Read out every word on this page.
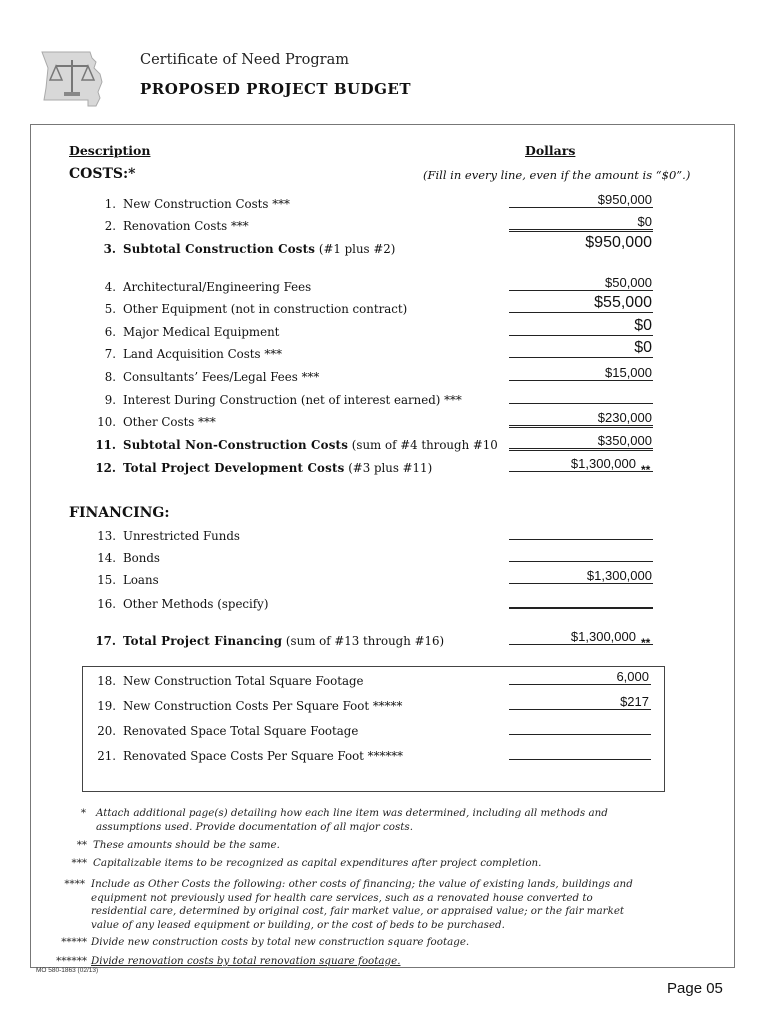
Certificate of Need Program
PROPOSED PROJECT BUDGET
Description	Dollars
COSTS:*	(Fill in every line, even if the amount is “$0”.)
1. New Construction Costs ***	$950,000
2. Renovation Costs ***	$0
3. Subtotal Construction Costs (#1 plus #2)	$950,000
4. Architectural/Engineering Fees	$50,000
5. Other Equipment (not in construction contract)	$55,000
6. Major Medical Equipment	$0
7. Land Acquisition Costs ***	$0
8. Consultants’ Fees/Legal Fees ***	$15,000
9. Interest During Construction (net of interest earned) ***
10. Other Costs ***	$230,000
11. Subtotal Non-Construction Costs (sum of #4 through #10	$350,000
12. Total Project Development Costs (#3 plus #11)	$1,300,000 **
FINANCING:
13. Unrestricted Funds
14. Bonds
15. Loans	$1,300,000
16. Other Methods (specify)
17. Total Project Financing (sum of #13 through #16)	$1,300,000 **
18. New Construction Total Square Footage	6,000
19. New Construction Costs Per Square Foot *****	$217
20. Renovated Space Total Square Footage
21. Renovated Space Costs Per Square Foot ******
* Attach additional page(s) detailing how each line item was determined, including all methods and assumptions used. Provide documentation of all major costs.
** These amounts should be the same.
*** Capitalizable items to be recognized as capital expenditures after project completion.
**** Include as Other Costs the following: other costs of financing; the value of existing lands, buildings and equipment not previously used for health care services, such as a renovated house converted to residential care, determined by original cost, fair market value, or appraised value; or the fair market value of any leased equipment or building, or the cost of beds to be purchased.
***** Divide new construction costs by total new construction square footage.
****** Divide renovation costs by total renovation square footage.
MO 580-1863 (02/13)
Page 05
